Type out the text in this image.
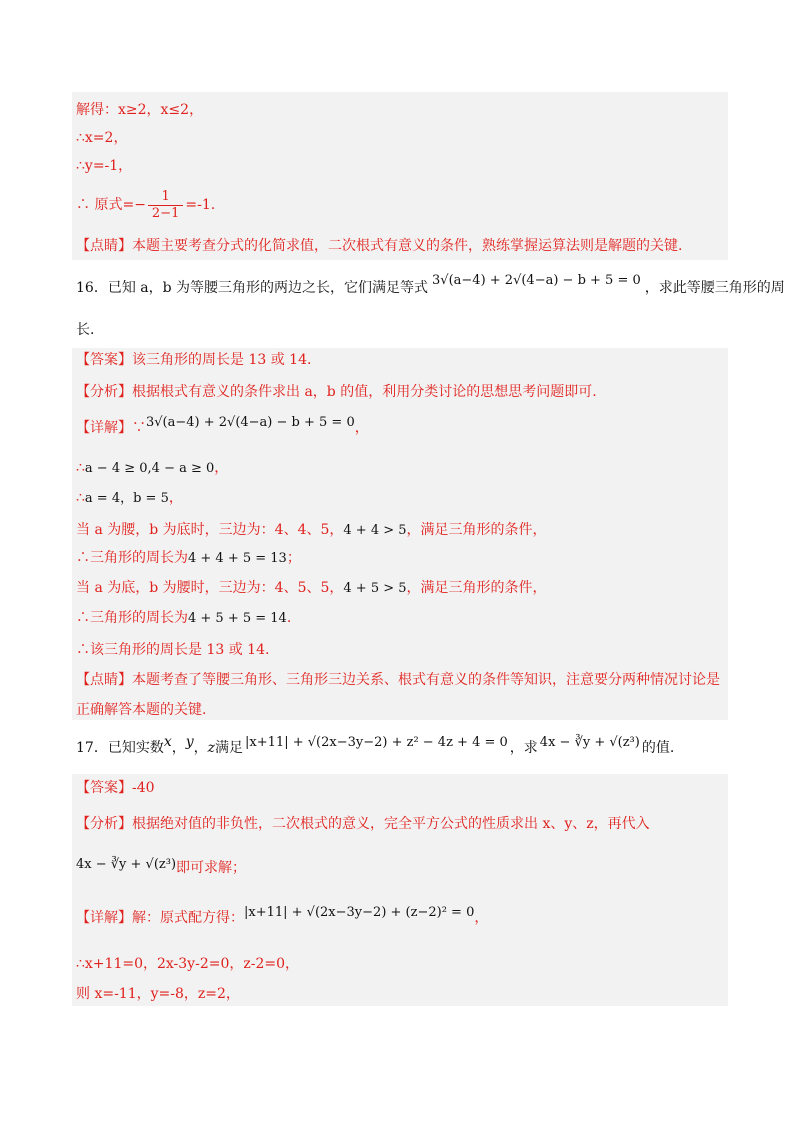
解得：x≥2，x≤2，
∴x=2，
∴y=-1，
∴ 原式=− $\frac{1}{2-1} =-1$.
【点睛】本题主要考查分式的化简求值，二次根式有意义的条件，熟练掌握运算法则是解题的关键.
16．已知 a，b 为等腰三角形的两边之长，它们满足等式 3√(a−4) + 2√(4−a) − b + 5 = 0 ，求此等腰三角形的周
长.
【答案】该三角形的周长是 13 或 14.
【分析】根据根式有意义的条件求出 a，b 的值，利用分类讨论的思想思考问题即可.
【详解】∵3√(a−4) + 2√(4−a) − b + 5 = 0，
∴a − 4 ≥ 0,4 − a ≥ 0，
∴a = 4，b = 5，
当 a 为腰，b 为底时，三边为：4、4、5，4 + 4 > 5，满足三角形的条件，
∴三角形的周长为4 + 4 + 5 = 13；
当 a 为底，b 为腰时，三边为：4、5、5，4 + 5 > 5，满足三角形的条件，
∴三角形的周长为4 + 5 + 5 = 14.
∴该三角形的周长是 13 或 14.
【点睛】本题考查了等腰三角形、三角形三边关系、根式有意义的条件等知识，注意要分两种情况讨论是
正确解答本题的关键.
17．已知实数x，y，z满足 |x+11| + √(2x−3y−2) + z² − 4z + 4 = 0 ，求 4x − ∛y + √(z³) 的值.
【答案】-40
【分析】根据绝对值的非负性，二次根式的意义，完全平方公式的性质求出 x、y、z，再代入
4x − ∛y + √(z³)即可求解；
【详解】解：原式配方得：|x+11| + √(2x−3y−2) + (z−2)² = 0，
∴x+11=0，2x-3y-2=0，z-2=0，
则 x=-11，y=-8，z=2，
